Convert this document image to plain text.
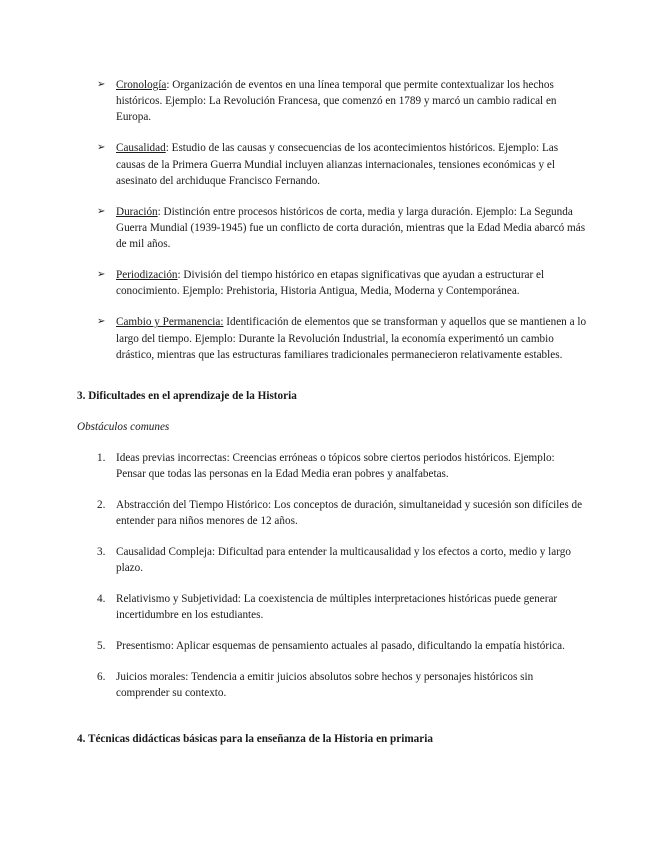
➢ Cronología: Organización de eventos en una línea temporal que permite contextualizar los hechos históricos. Ejemplo: La Revolución Francesa, que comenzó en 1789 y marcó un cambio radical en Europa.
➢ Causalidad: Estudio de las causas y consecuencias de los acontecimientos históricos. Ejemplo: Las causas de la Primera Guerra Mundial incluyen alianzas internacionales, tensiones económicas y el asesinato del archiduque Francisco Fernando.
➢ Duración: Distinción entre procesos históricos de corta, media y larga duración. Ejemplo: La Segunda Guerra Mundial (1939-1945) fue un conflicto de corta duración, mientras que la Edad Media abarcó más de mil años.
➢ Periodización: División del tiempo histórico en etapas significativas que ayudan a estructurar el conocimiento. Ejemplo: Prehistoria, Historia Antigua, Media, Moderna y Contemporánea.
➢ Cambio y Permanencia: Identificación de elementos que se transforman y aquellos que se mantienen a lo largo del tiempo. Ejemplo: Durante la Revolución Industrial, la economía experimentó un cambio drástico, mientras que las estructuras familiares tradicionales permanecieron relativamente estables.

3. Dificultades en el aprendizaje de la Historia

Obstáculos comunes

1. Ideas previas incorrectas: Creencias erróneas o tópicos sobre ciertos periodos históricos. Ejemplo: Pensar que todas las personas en la Edad Media eran pobres y analfabetas.
2. Abstracción del Tiempo Histórico: Los conceptos de duración, simultaneidad y sucesión son difíciles de entender para niños menores de 12 años.
3. Causalidad Compleja: Dificultad para entender la multicausalidad y los efectos a corto, medio y largo plazo.
4. Relativismo y Subjetividad: La coexistencia de múltiples interpretaciones históricas puede generar incertidumbre en los estudiantes.
5. Presentismo: Aplicar esquemas de pensamiento actuales al pasado, dificultando la empatía histórica.
6. Juicios morales: Tendencia a emitir juicios absolutos sobre hechos y personajes históricos sin comprender su contexto.

4. Técnicas didácticas básicas para la enseñanza de la Historia en primaria
